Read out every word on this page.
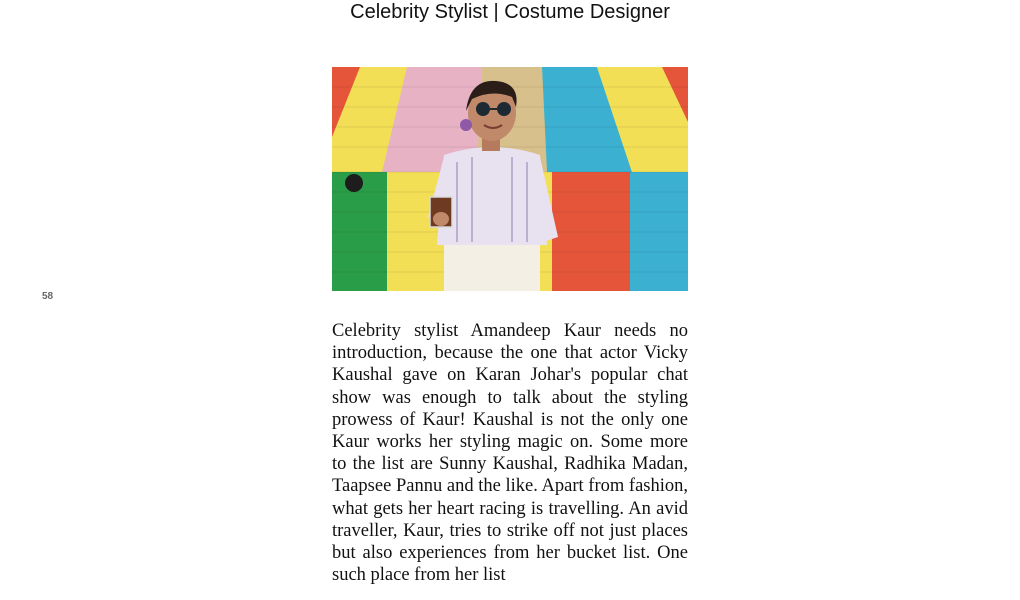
Celebrity Stylist | Costume Designer
58

Celebrity stylist Amandeep Kaur needs no introduction, because the one that actor Vicky Kaushal gave on Karan Johar's popular chat show was enough to talk about the styling prowess of Kaur! Kaushal is not the only one Kaur works her styling magic on. Some more to the list are Sunny Kaushal, Radhika Madan, Taapsee Pannu and the like. Apart from fashion, what gets her heart racing is travelling. An avid traveller, Kaur, tries to strike off not just places but also experiences from her bucket list. One such place from her list
